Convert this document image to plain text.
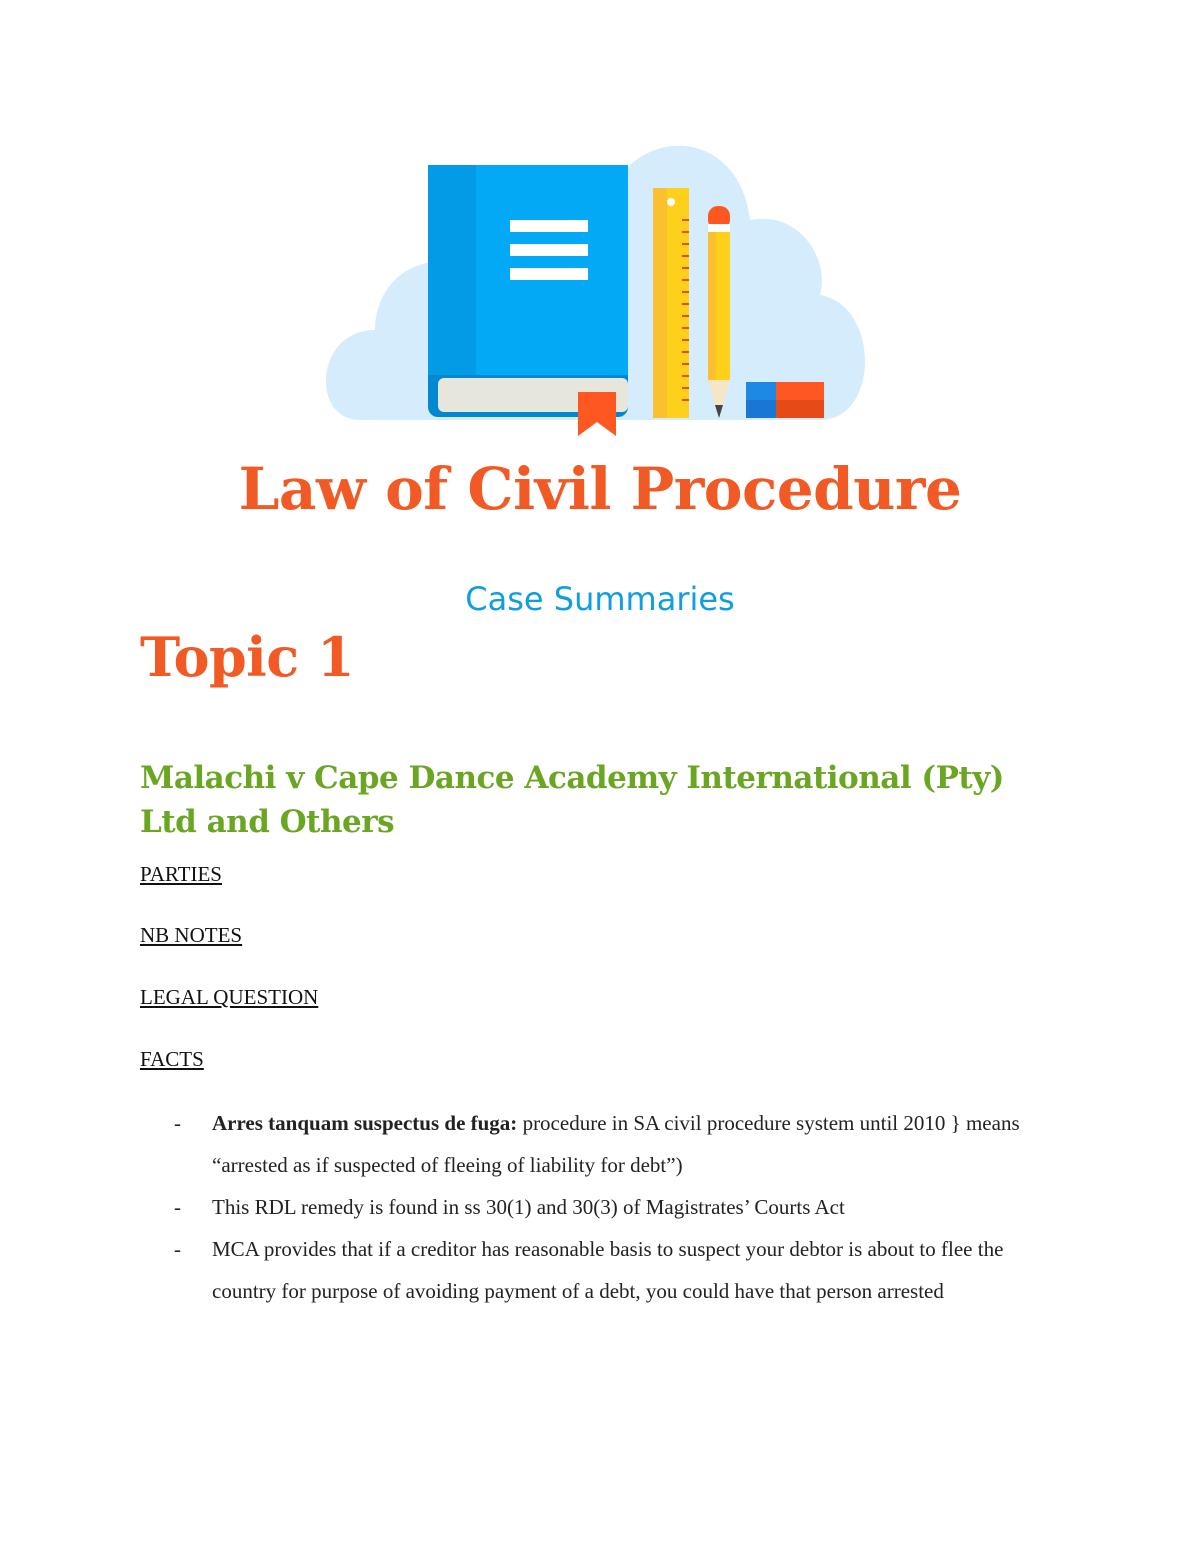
Law of Civil Procedure
Case Summaries
Topic 1
Malachi v Cape Dance Academy International (Pty)
Ltd and Others
PARTIES
NB NOTES
LEGAL QUESTION
FACTS
- Arres tanquam suspectus de fuga: procedure in SA civil procedure system until 2010 } means “arrested as if suspected of fleeing of liability for debt”)
- This RDL remedy is found in ss 30(1) and 30(3) of Magistrates’ Courts Act
- MCA provides that if a creditor has reasonable basis to suspect your debtor is about to flee the country for purpose of avoiding payment of a debt, you could have that person arrested
